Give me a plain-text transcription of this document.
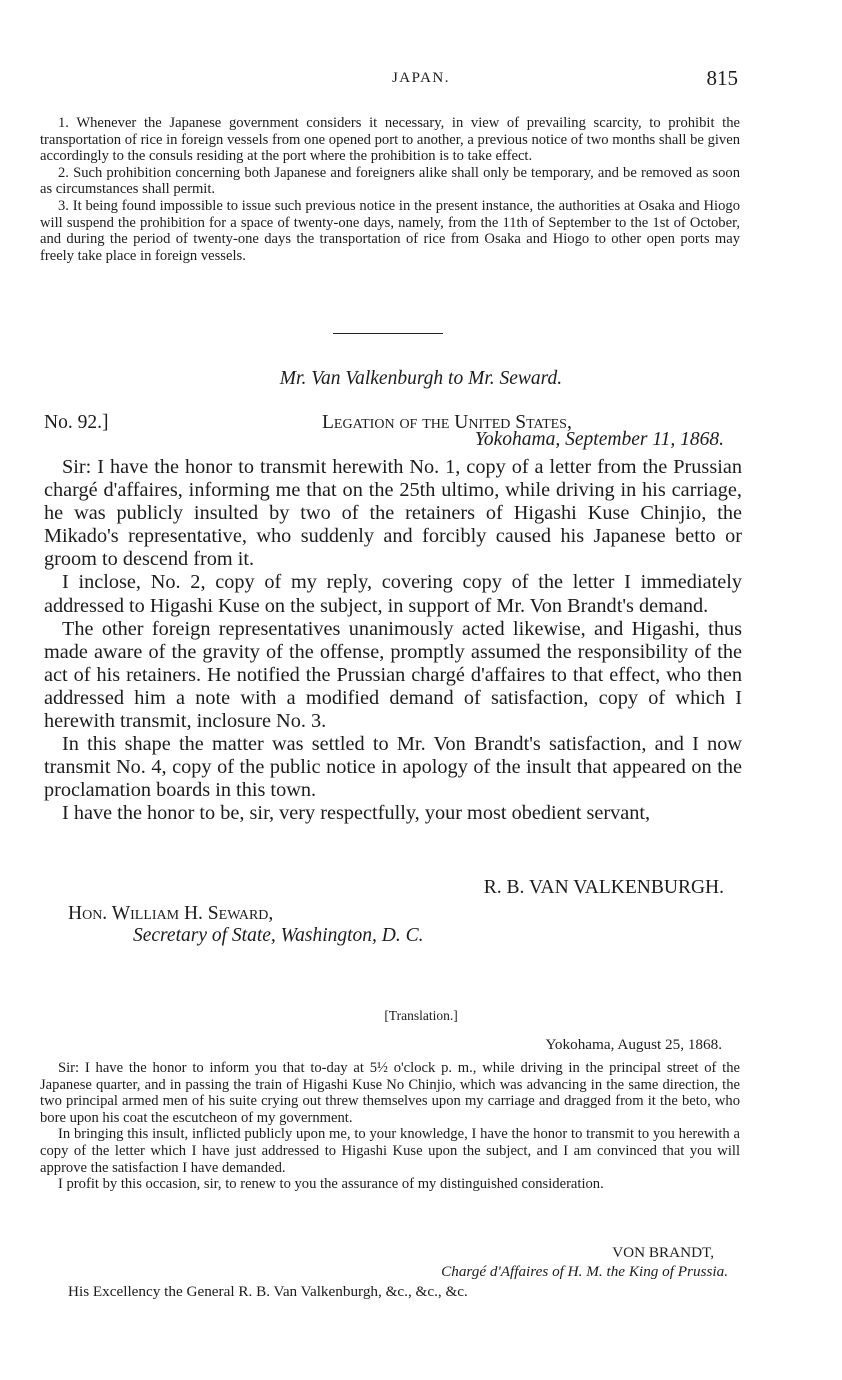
JAPAN.	815

1. Whenever the Japanese government considers it necessary, in view of prevailing scarcity, to prohibit the transportation of rice in foreign vessels from one opened port to another, a previous notice of two months shall be given accordingly to the consuls residing at the port where the prohibition is to take effect.

2. Such prohibition concerning both Japanese and foreigners alike shall only be temporary, and be removed as soon as circumstances shall permit.

3. It being found impossible to issue such previous notice in the present instance, the authorities at Osaka and Hiogo will suspend the prohibition for a space of twenty-one days, namely, from the 11th of September to the 1st of October, and during the period of twenty-one days the transportation of rice from Osaka and Hiogo to other open ports may freely take place in foreign vessels.

Mr. Van Valkenburgh to Mr. Seward.
No. 92.]	Legation of the United States,
Yokohama, September 11, 1868.

Sir: I have the honor to transmit herewith No. 1, copy of a letter from the Prussian chargé d'affaires, informing me that on the 25th ultimo, while driving in his carriage, he was publicly insulted by two of the retainers of Higashi Kuse Chinjio, the Mikado's representative, who suddenly and forcibly caused his Japanese betto or groom to descend from it.

I inclose, No. 2, copy of my reply, covering copy of the letter I immediately addressed to Higashi Kuse on the subject, in support of Mr. Von Brandt's demand.

The other foreign representatives unanimously acted likewise, and Higashi, thus made aware of the gravity of the offense, promptly assumed the responsibility of the act of his retainers. He notified the Prussian chargé d'affaires to that effect, who then addressed him a note with a modified demand of satisfaction, copy of which I herewith transmit, inclosure No. 3.

In this shape the matter was settled to Mr. Von Brandt's satisfaction, and I now transmit No. 4, copy of the public notice in apology of the insult that appeared on the proclamation boards in this town.

I have the honor to be, sir, very respectfully, your most obedient servant,

R. B. VAN VALKENBURGH.
Hon. William H. Seward,
Secretary of State, Washington, D. C.
[Translation.]
Yokohama, August 25, 1868.

Sir: I have the honor to inform you that to-day at 5½ o'clock p. m., while driving in the principal street of the Japanese quarter, and in passing the train of Higashi Kuse No Chinjio, which was advancing in the same direction, the two principal armed men of his suite crying out threw themselves upon my carriage and dragged from it the beto, who bore upon his coat the escutcheon of my government.

In bringing this insult, inflicted publicly upon me, to your knowledge, I have the honor to transmit to you herewith a copy of the letter which I have just addressed to Higashi Kuse upon the subject, and I am convinced that you will approve the satisfaction I have demanded.

I profit by this occasion, sir, to renew to you the assurance of my distinguished consideration.

VON BRANDT,
Chargé d'Affaires of H. M. the King of Prussia.
His Excellency the General R. B. Van Valkenburgh, &c., &c., &c.
